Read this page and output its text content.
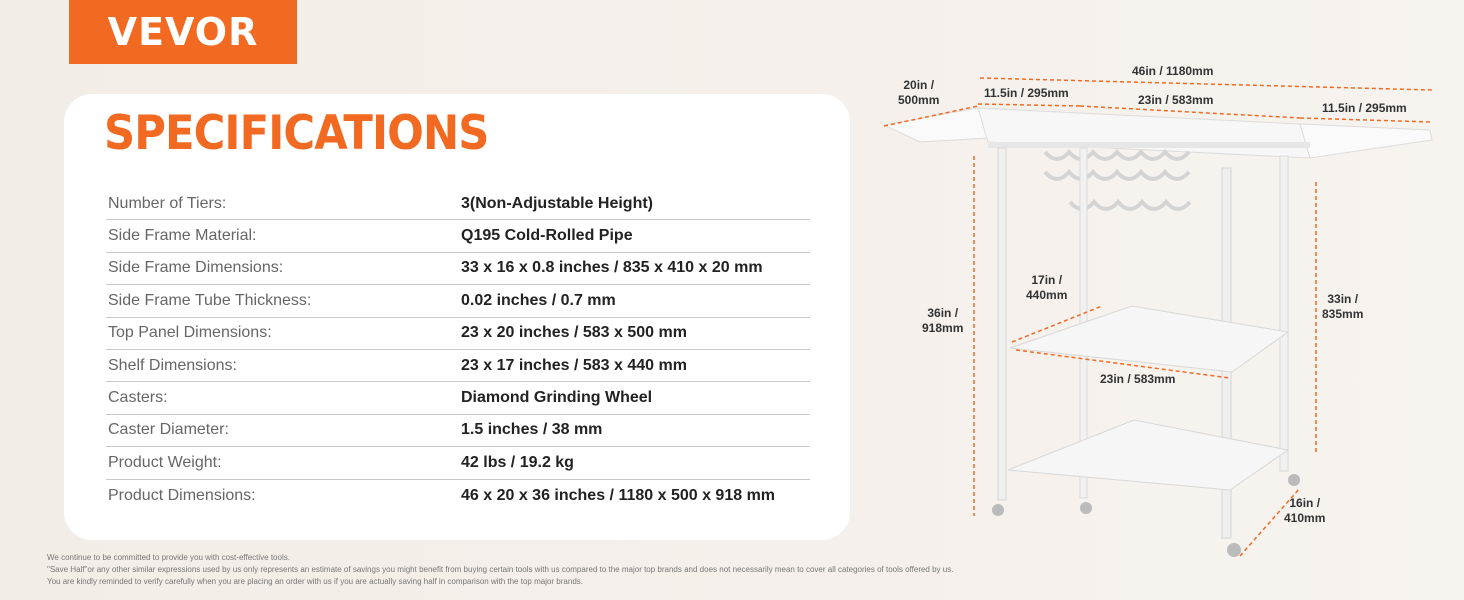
VEVOR
SPECIFICATIONS
Number of Tiers:	3(Non-Adjustable Height)
Side Frame Material:	Q195 Cold-Rolled Pipe
Side Frame Dimensions:	33 x 16 x 0.8 inches / 835 x 410 x 20 mm
Side Frame Tube Thickness:	0.02 inches / 0.7 mm
Top Panel Dimensions:	23 x 20 inches / 583 x 500 mm
Shelf Dimensions:	23 x 17 inches / 583 x 440 mm
Casters:	Diamond Grinding Wheel
Caster Diameter:	1.5 inches / 38 mm
Product Weight:	42 lbs / 19.2 kg
Product Dimensions:	46 x 20 x 36 inches / 1180 x 500 x 918 mm
46in / 1180mm
20in /
500mm	11.5in / 295mm	23in / 583mm
11.5in / 295mm
17in /
440mm
36in /
918mm
33in /
835mm
23in / 583mm
16in /
410mm
We continue to be committed to provide you with cost-effective tools.
"Save Half"or any other similar expressions used by us only represents an estimate of savings you might benefit from buying certain tools with us compared to the major top brands and does not necessarily mean to cover all categories of tools offered by us.
You are kindly reminded to verify carefully when you are placing an order with us if you are actually saving half in comparison with the top major brands.
